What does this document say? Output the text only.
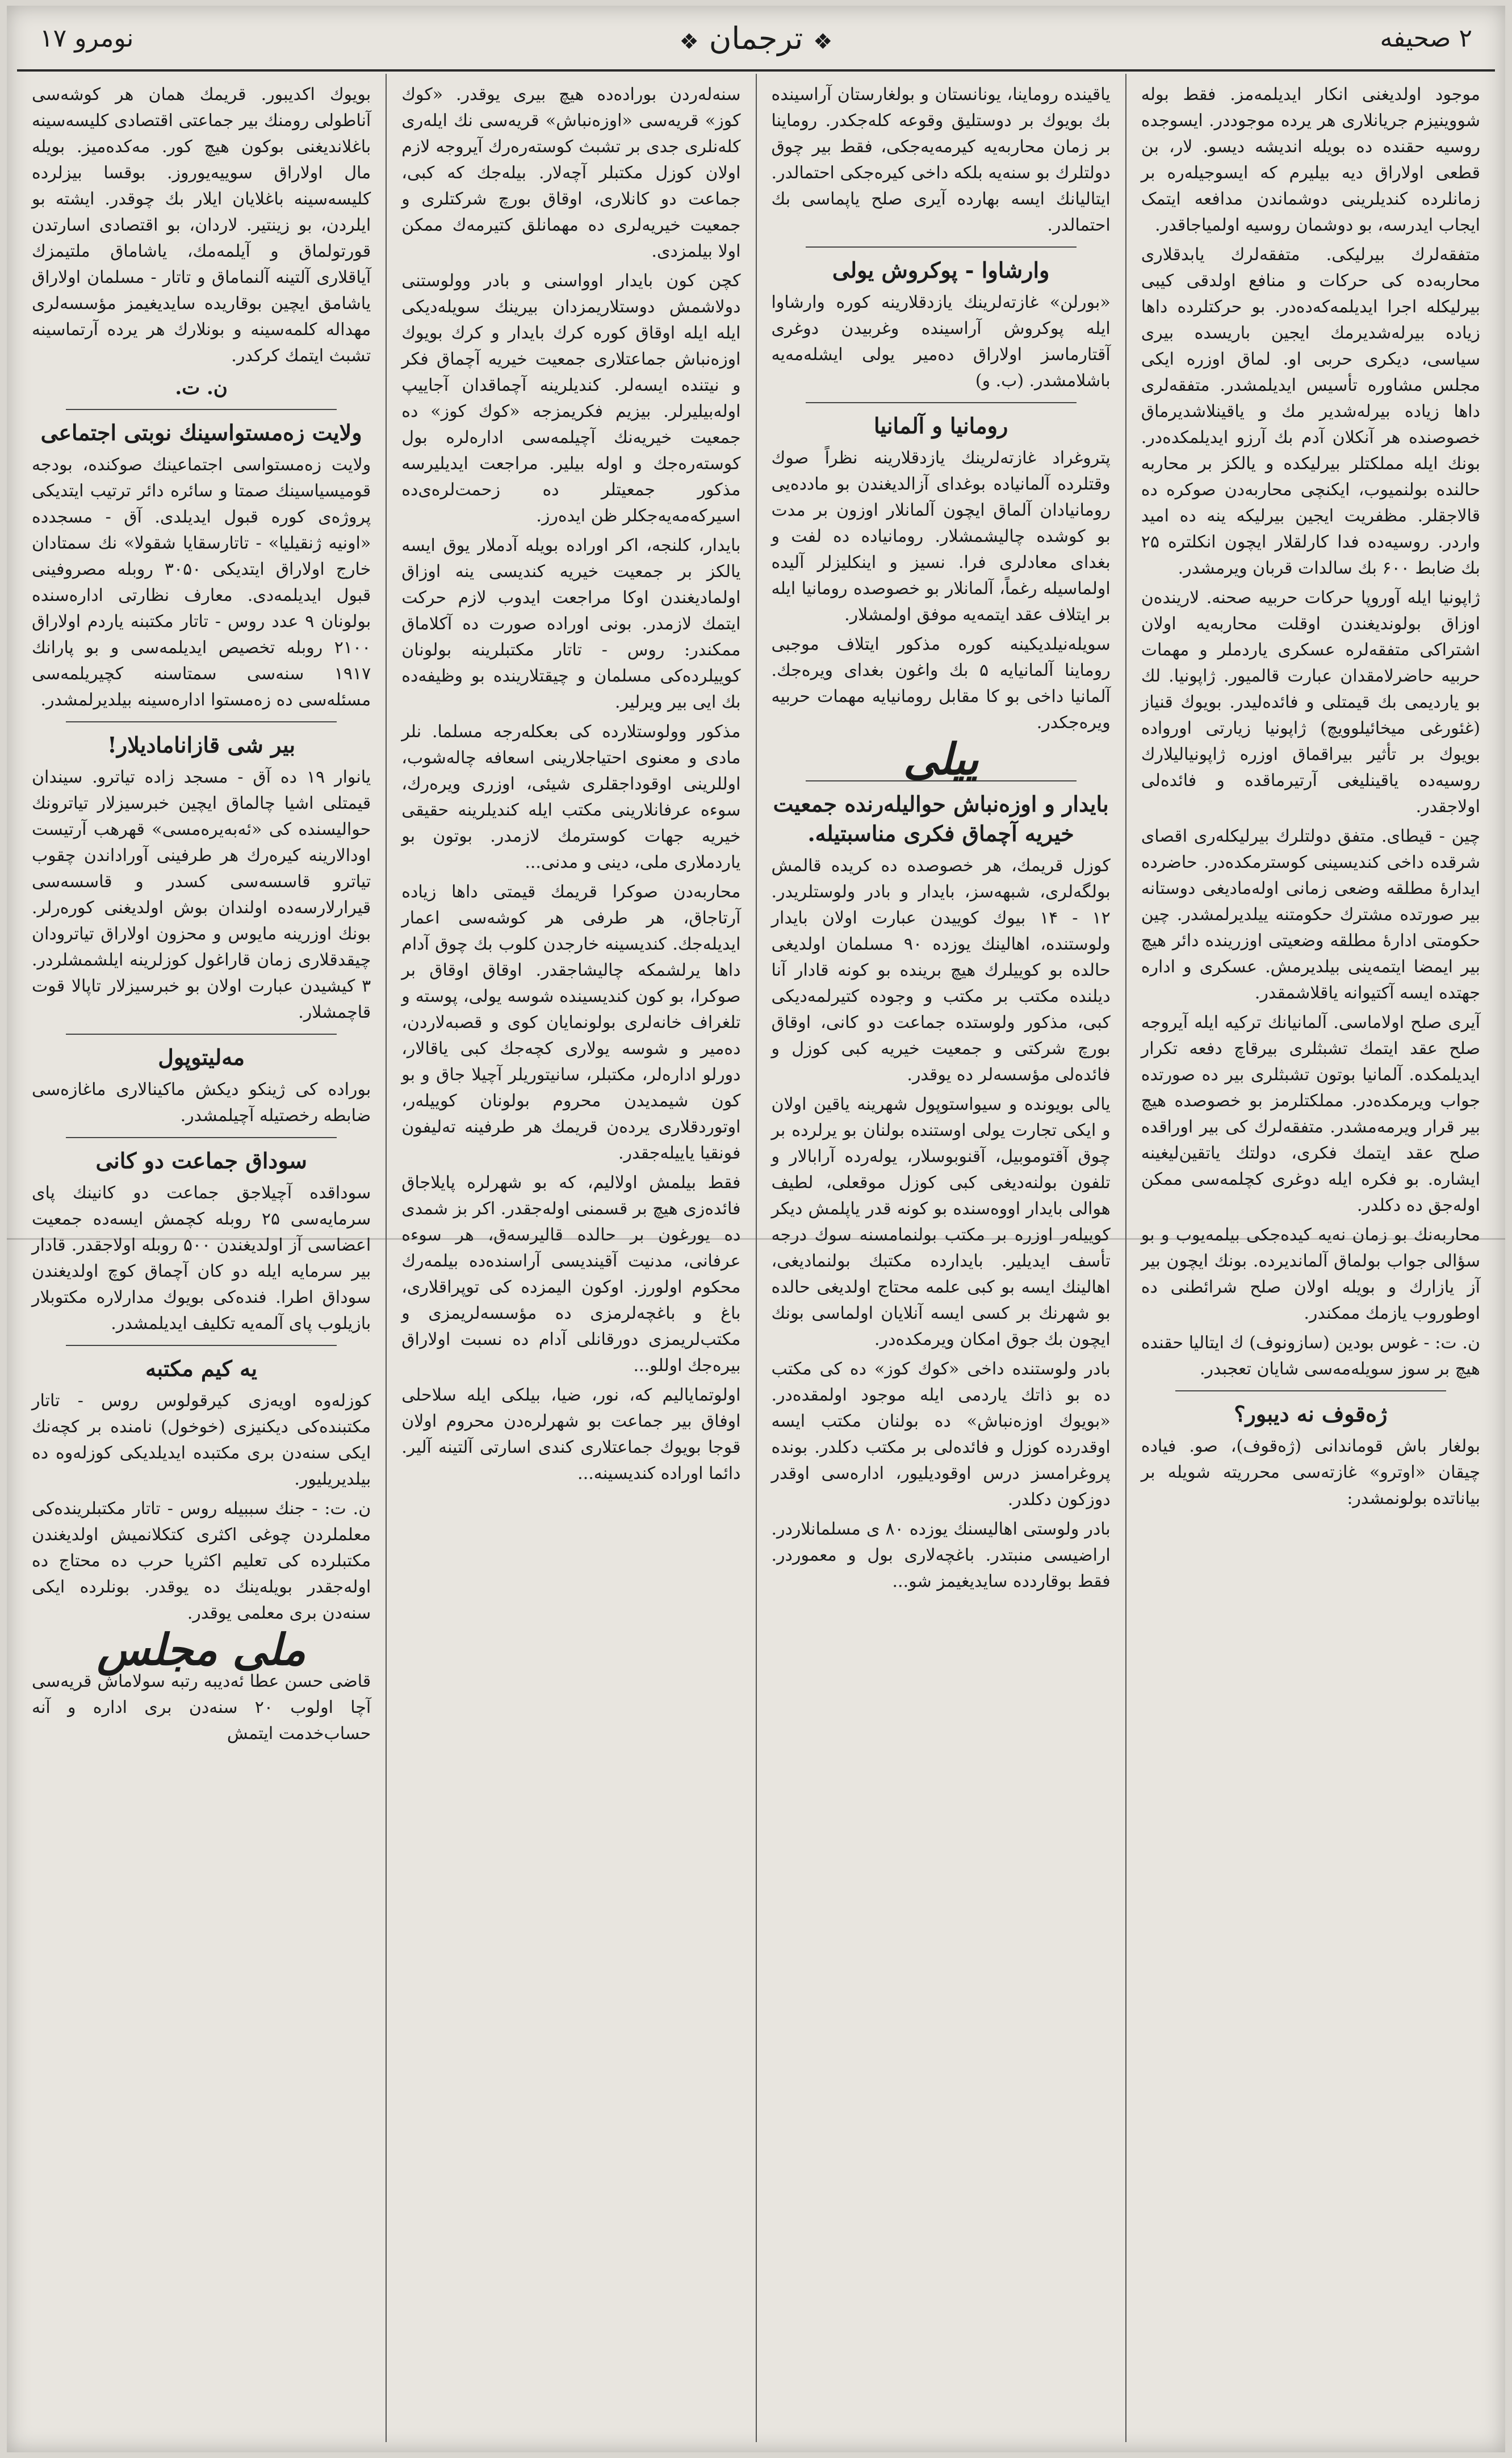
نومرو ۱۷
❖	ترجمان ❖	۲ صحیفه

موجود اولدیغنی انکار ایدیلمه‌مز. فقط بوله شووینیزم جریانلاری هر یرده موجوددر. ایسوجده روسیه حقنده ده بویله اندیشه دیسو. لار، بن قطعی اولاراق دیه بیلیرم که ایسوجیله‌ره بر زمانلرده کندیلرینی دوشماندن مدافعه ایتمک ایجاب ایدرسه، بو دوشمان روسیه اولمیاجاقدر.

متفقه‌لرك بیرلیکی. متفقه‌لرك یابدقلاری محاربه‌ده کی حرکات و منافع اولدقی کیبی بیرلیکله اجرا ایدیلمه‌که‌ده‌در. بو حرکتلرده داها زیاده بیرله‌شدیرمك ایجین باریسده بیری سیاسی، دیکری حربی او. لماق اوزره ایکی مجلس مشاوره تأسیس ایدیلمشدر. متفقه‌لری داها زیاده بیرله‌شدیر مك و یاقینلاشدیرماق خصوصنده هر آنکلان آدم بك آرزو ایدیلمکده‌در. بونك ایله مملکتلر بیرلیکده و یالکز بر محاربه حالنده بولنمیوب، ایکنچی محاربه‌دن صوکره ده قالاجقلر. مظفریت ایجین بیرلیکه ینه ده امید واردر. روسیه‌ده فدا کارلقلار ایچون انکلتره ۲۵ بك ضابط ۶۰۰ بك سالدات قربان ویرمشدر.

ژاپونیا ایله آوروپا حرکات حربیه صحنه. لارینده‌ن اوزاق بولوندیغندن اوقلت محاربه‌یه اولان اشتراکی متفقه‌لره عسکری یاردملر و مهمات حربیه حاضرلامقدان عبارت قالمیور. ژاپونیا. لك بو یاردیمی بك قیمتلی و فائده‌لیدر. بویوك قنیاز (غئورغی میخائیلوویچ) ژاپونیا زیارتی اورواده بویوك بر تأثیر بیراقماق اوزره ژاپونیالیلارك روسیه‌ده یاقینلیغی آرتیرماقده و فائده‌لی اولاجقدر.

چین - قیطای. متفق دولتلرك بیرلیکله‌ری اقصای شرقده داخی کندیسینی کوسترمکده‌در. حاضرده ایدارۀ مطلقه وضعی زمانی اوله‌مادیغی دوستانه بیر صورتده مشترك حکومتنه ییلدیرلمشدر. چین حکومتی ادارۀ مطلقه وضعیتی اوزرینده دائر هیچ بیر ایمضا ایتمه‌ینی بیلدیرمش. عسکری و اداره جهتده ایسه آکتیوانه یاقلاشمقدر.

آیری صلح اولاماسی. آلمانیانك ترکیه ایله آیروجه صلح عقد ایتمك تشبثلری بیرقاچ دفعه تکرار ایدیلمکده. آلمانیا بوتون تشبثلری بیر ده صورتده جواب ویرمکده‌در. مملکتلرمز بو خصوصده هیچ بیر قرار ویرمه‌مشدر. متفقه‌لرك کی بیر اوراقده صلح عقد ایتمك فکری، دولتك یاتقین‌لیغینه ایشاره. بو فکره ایله دوغری کچلمه‌سی ممکن اوله‌جق ده دکلدر.

محاربه‌نك بو زمان نه‌یه کیده‌جکی بیلمه‌یوب و بو سؤالی جواب بولماق آلماندیرده. بونك ایچون بیر آز یازارك و بویله اولان صلح شرائطنی ده اوطوروب یازمك ممکندر.

ن. ت: - غوس بودین (سازونوف) ك ایتالیا حقنده هیچ بر سوز سویله‌مه‌سی شایان تعجبدر.

ژەقوف نه دیبور؟

بولغار باش قوماندانی (ژەقوف)، صو. فیاده چیقان «اوترو» غازته‌سی محرریته شویله بر بیاناتده بولونمشدر:

یاقینده روماینا، یونانستان و بولغارستان آراسینده بك بویوك بر دوستلیق وقوعه کله‌جکدر. روماینا بر زمان محاربه‌یه کیرمه‌یه‌جکی، فقط بیر چوق دولتلرك بو سنه‌یه بلکه داخی کیره‌جکی احتمالدر. ایتالیانك ایسه بهارده آیری صلح یاپماسی بك احتمالدر.

وارشاوا - پوکروش یولی

«بورلن» غازته‌لرینك یازدقلارینه کوره وارشاوا ایله پوکروش آراسینده وغربیدن دوغری آقتارماسز اولاراق دەمیر یولی ایشله‌مه‌یه باشلامشدر. (ب. و)

رومانیا و آلمانیا

پتروغراد غازته‌لرینك یازدقلارینه نظراً صوك وقتلرده آلمانیاده بوغدای آزالدیغندن بو مادده‌یی رومانیادان آلماق ایچون آلمانلار اوزون بر مدت بو کوشده چالیشمشلار. رومانیاده ده لفت و بغدای معادلری فرا. نسیز و اینکلیزلر آلیده اولماسیله رغماً، آلمانلار بو خصوصده رومانیا ایله بر ایتلاف عقد ایتمه‌یه موفق اولمشلار.

سویله‌نیلدیکینه کوره مذکور ایتلاف موجبی روماینا آلمانیایه ۵ بك واغون بغدای ویره‌جك. آلمانیا داخی بو کا مقابل رومانیایه مهمات حربیه ویره‌جکدر.

ییلی
بایدار و اوزەنباش حوالیله‌رنده جمعیت خیریه آچماق فکری مناسبتیله.

کوزل قریمك، هر خصوصده ده کریده قالمش بولگەلرى، شبهه‌سز، بایدار و بادر ولوستلریدر. ۱۲ - ۱۴ بیوك کوییدن عبارت اولان بایدار ولوستنده، اهالینك یوزده ۹۰ مسلمان اولدیغی حالده بو کوییلرك هیچ برینده بو کونه قادار آنا دیلنده مکتب بر مکتب و وجوده کتیرلمه‌دیکی کبی، مذکور ولوستده جماعت دو کانی، اوقاق بورچ شرکتی و جمعیت خیریه کبی کوزل و فائده‌لی مؤسسه‌لر ده یوقدر.

یالی بویونده و سیواستوپول شهرینه یاقین اولان و ایکی تجارت یولی اوستنده بولنان بو یرلرده بر چوق آقتوموبیل، آقنوبوسلار، یوله‌رده آرابالار و تلفون بولنه‌دیغی کبی کوزل موقعلی، لطیف هوالی بایدار اووه‌سنده بو کونه قدر یاپلمش دیکر کوییله‌ر اوزره بر مکتب بولنمامسنه سوك درجه تأسف ایدیلیر. بایدارده مکتبك بولنمادیغی، اهالینك ایسه بو کبی علمه محتاج اولدیغی حالده بو شهرنك بر کسی ایسه آنلایان اولماسی بونك ایچون بك جوق امکان ویرمکده‌در.

بادر ولوستنده داخی «کوك کوز» ده کی مکتب ده بو ذاتك یاردمی ایله موجود اولمقده‌در. «بویوك اوزەنباش» ده بولنان مکتب ایسه اوقدرده کوزل و فائده‌لی بر مکتب دکلدر. بونده پروغرامسز درس اوقودیلیور، ادارەسی اوقدر دوزکون دکلدر.

بادر ولوستی اهالیسنك یوزده ۸۰ ی مسلمانلاردر. اراضیسی منبتدر. باغچه‌لاری بول و معموردر. فقط بوقاردده سایدیغیمز شو...

سنه‌لەردن بوراده‌ده هیچ بیری یوقدر. «کوك کوز» قریه‌سی «اوزەنباش» قریه‌سی نك ایلەری کله‌نلری جدی بر تشبث کوسته‌ره‌رك آیروجه لازم اولان کوزل مکتبلر آچه‌لار. بیله‌جك که کبی، جماعت دو کانلاری، اوقاق بورچ شرکتلری و جمعیت خیریه‌لری ده مهمانلق کتیرمه‌ك ممکن اولا بیلمزدی.

کچن کون بایدار اوواسنی و بادر وولوستنی دولاشمش دوستلاریمزدان بیرینك سویله‌دیکی ایله ایله اوقاق کوره کرك بایدار و کرك بویوك اوزەنباش جماعتلاری جمعیت خیریه آچماق فکر و نیتنده ایسه‌لر. کندیلرینه آچماقدان آجاییپ اوله‌بیلیرلر. بیزیم فکریمزجه «کوك کوز» ده جمعیت خیریه‌نك آچیلمه‌سی ادارەلره بول کوسته‌ره‌جك و اوله بیلیر. مراجعت ایدیلیرسه مذکور جمعیتلر ده زحمت‌لره‌ی‌ده اسیرکه‌مه‌یه‌جکلر ظن ایده‌رز.

بایدار، کلنجه، اکر اوراده بویله آدملار یوق ایسه یالکز بر جمعیت خیریه کندیسی ینه اوزاق اولمادیغندن اوکا مراجعت ایدوب لازم حرکت ایتمك لازمدر. بونی اوراده صورت ده آکلاماق ممکندر: روس - تاتار مکتبلرینه بولونان کوییلرده‌کی مسلمان و چیقتلارینده بو وظیفه‌ده بك ایی بیر ویرلیر.

مذکور وولوستلارده کی بعکله‌رجه مسلما. نلر مادی و معنوی احتیاجلارینی اسعافه چاله‌شوب، اوللرینی اوقوداجقلری شیئی، اوزری ویره‌رك، سوءه عرفانلارینی مکتب ایله کندیلرینه حقیقی خیریه جهات کوسترمك لازمدر. بوتون بو یاردملاری ملی، دینی و مدنی...

محاربه‌دن صوکرا قریمك قیمتی داها زیاده آرتاجاق، هر طرفی هر کوشه‌سی اعمار ایدیله‌جك. کندیسینه خارجدن کلوب بك چوق آدام داها یرلشمکه چالیشاجقدر. اوقاق اوقاق بر صوکرا، بو کون کندیسینده شوسه یولی، پوسته و تلغراف خانه‌لری بولونمایان کوی و قصبه‌لاردن، دەمیر و شوسه یولاری کچه‌جك کبی یاقالار، دورلو ادارەلر، مکتبلر، سانیتوریلر آچیلا جاق و بو کون شیمدیدن محروم بولونان کوییله‌ر، اوتوردقلاری یرده‌ن قریمك هر طرفینه ته‌لیفون فونقیا یاییله‌جقدر.

فقط بیلمش اولالیم، که بو شهرلره پایلاجاق فائده‌زی هیچ بر قسمنی اوله‌جقدر. اکر بز شمدی ده یورغون بر حالده قالیرسه‌ق، هر سوءه عرفانی، مدنیت آقیندیسی آراسنده‌ده بیلمه‌رك محکوم اولورز. اوکون الیمزده کی توپراقلاری، باغ و باغچه‌لرمزی ده مؤسسه‌لریمزی و مکتب‌لریمزی دورقانلی آدام ده نسبت اولاراق بیره‌جك اوللو...

اولوتمایالیم که، نور، ضیا، بیلکی ایله سلاحلی اوفاق بیر جماعت بو شهرلره‌دن محروم اولان قوجا بویوك جماعتلاری کندی اسارتی آلتینه آلیر. دائما اوراده کندیسینه...

بویوك اکدیبور. قریمك همان هر کوشه‌سی آناطولی رومنك بیر جماعتی اقتصادی کلیسه‌سینه باغلاندیغنی بوکون هیچ کور. مه‌کده‌میز. بویله مال اولاراق سوییه‌یوروز. بوقسا بیزلرده کلیسه‌سینه باغلایان ایلار بك چوقدر. ایشته بو ایلردن، بو زینتیر. لاردان، بو اقتصادی اسارتدن قورتولماق و آیلمه‌مك، یاشاماق ملتیمزك آیاقلاری آلتینه آلنماماق و تاتار - مسلمان اولاراق یاشامق ایچین بوقاریده سایدیغیمز مؤسسه‌لری مهداله کلمه‌سینه و بونلارك هر یرده آرتماسینه تشبث ایتمك کرکدر.

ن. ت.
ولایت زەمستواسینك نوبتی اجتماعی

ولایت زەمستواسی اجتماعینك صوکنده، بودجه قومیسیاسینك صمتا و سائره دائر ترتیب ایتدیکی پروژه‌ی کوره قبول ایدیلدی. آق - مسجدده «اونیه ژنقیلیا» - تاتارسقایا شقولا» نك سمتادان خارج اولاراق ایتدیکی ۳۰۵۰ روبله مصروفینی قبول ایدیلمه‌دی. معارف نظارتی ادارەسنده بولونان ۹ عدد روس - تاتار مکتبنه یاردم اولاراق ۲۱۰۰ روبله تخصیص ایدیلمه‌سی و بو پارانك ۱۹۱۷ سنه‌سی سمتاسنه کچیریلمه‌سی مسئله‌سی ده زەمستوا ادارەسینه بیلدیرلمشدر.

بیر شی قازاناماديلار!

یانوار ۱۹ ده آق - مسجد زاده تیاترو. سیندان قیمتلی اشیا چالماق ایچین خبرسیزلار تیاترونك حوالیسنده کی «ئه‌بەیرەمسی» قهرهب آرتیست اودالارینه کیره‌رك هر طرفینی آوراداندن چقوب تیاترو قاسسه‌سی کسدر و قاسسه‌سی قیرارلارسه‌ده اولندان بوش اولدیغنی کوره‌رلر. بونك اوزرینه مایوس و محزون اولاراق تیاترودان چیقدقلاری زمان قاراغول کوزلرینه ایلشمشلردر. ۳ کیشیدن عبارت اولان بو خبرسیزلار تاپالا قوت قاچمشلار.

مه‌لیتوپول

بوراده کی ژینکو دیکش ماکینالاری ماغازه‌سی ضابطه رخصتیله آچیلمشدر.

سوداق جماعت دو کانی

سوداقده آچیلاجق جماعت دو کانینك پای سرمایه‌سی ۲۵ روبله کچمش ایسه‌ده جمعیت اعضاسی آز اولدیغندن ۵۰۰ روبله اولاجقدر. قادار بیر سرمایه ایله دو کان آچماق کوچ اولدیغندن سوداق اطرا. فنده‌کی بویوك مدارلارە مکتوبلار بازیلوب پای آلمه‌یه تکلیف ایدیلمشدر.

یه کیم مکتبه

کوزلەوه اویەزی کیرقولوس روس - تاتار مکتبنده‌کی دیکنیزی (خوخول) نامنده بر کچەنك ایکی سنه‌دن بری مکتبده ایدیلدیکی کوزلەوه ده بیلدیریلیور.

ن. ت: - جنك سببیله روس - تاتار مکتبلرینده‌کی معلملردن چوغی اکثری کتکلانمیش اولدیغندن مکتبلرده کی تعلیم اکثریا حرب ده محتاج ده اوله‌جقدر بویله‌ینك ده یوقدر. بونلرده ایکی سنه‌دن بری معلمی یوقدر.

ملی مجلس

قاضی حسن عطا ئەدیبه رتبه سولاماش قریه‌سی آچا اولوب ۲۰ سنه‌دن بری اداره و آنه حساب‌خدمت ایتمش
